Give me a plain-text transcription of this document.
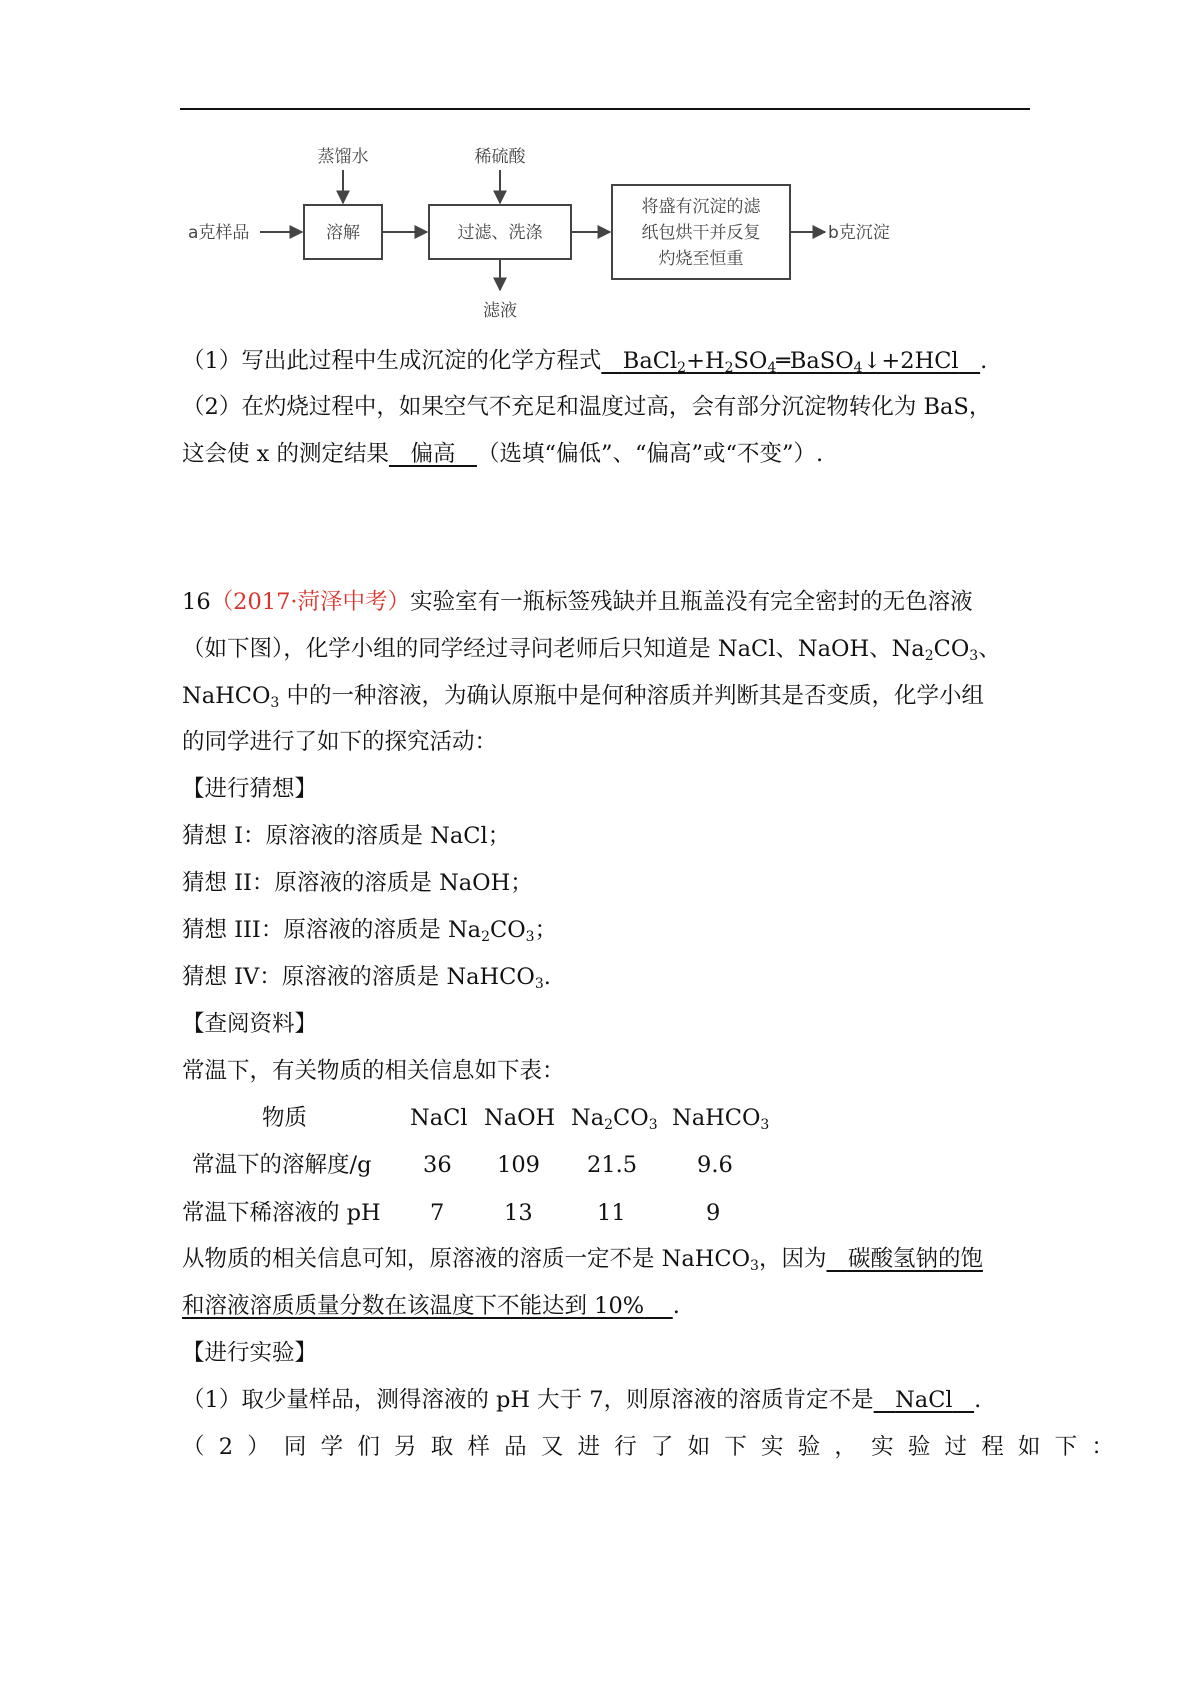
a克样品	溶解
蒸馏水
过滤、洗涤
稀硫酸
滤液
将盛有沉淀的滤
纸包烘干并反复
灼烧至恒重
b克沉淀
（1）写出此过程中生成沉淀的化学方程式 $BaCl_2+H_2SO_4═BaSO_4↓+2HCl$ .
（2）在灼烧过程中，如果空气不充足和温度过高，会有部分沉淀物转化为 BaS，
这会使 x 的测定结果 偏高 （选填“偏低”、“偏高”或“不变”）.
16（2017·菏泽中考）实验室有一瓶标签残缺并且瓶盖没有完全密封的无色溶液
（如下图），化学小组的同学经过寻问老师后只知道是 NaCl、NaOH、$Na_2CO_3$、
NaHCO$_3$ 中的一种溶液，为确认原瓶中是何种溶质并判断其是否变质，化学小组
的同学进行了如下的探究活动：
【进行猜想】
猜想 I：原溶液的溶质是 NaCl；
猜想 II：原溶液的溶质是 NaOH；
猜想 III：原溶液的溶质是 $Na_2CO_3$；
猜想 IV：原溶液的溶质是 NaHCO$_3$.
【查阅资料】
常温下，有关物质的相关信息如下表：
物质	NaCl NaOH $Na_2CO_3$ NaHCO$_3$
常温下的溶解度/g 36 109 21.5	9.6
常温下稀溶液的 pH 7	13	11	9
从物质的相关信息可知，原溶液的溶质一定不是 NaHCO$_3$，因为 碳酸氢钠的饱
和溶液溶质质量分数在该温度下不能达到 10% .
【进行实验】
（1）取少量样品，测得溶液的 pH 大于 7，则原溶液的溶质肯定不是 NaCl .
（2）同学们另取样品又进行了如下实验，实验过程如下：
